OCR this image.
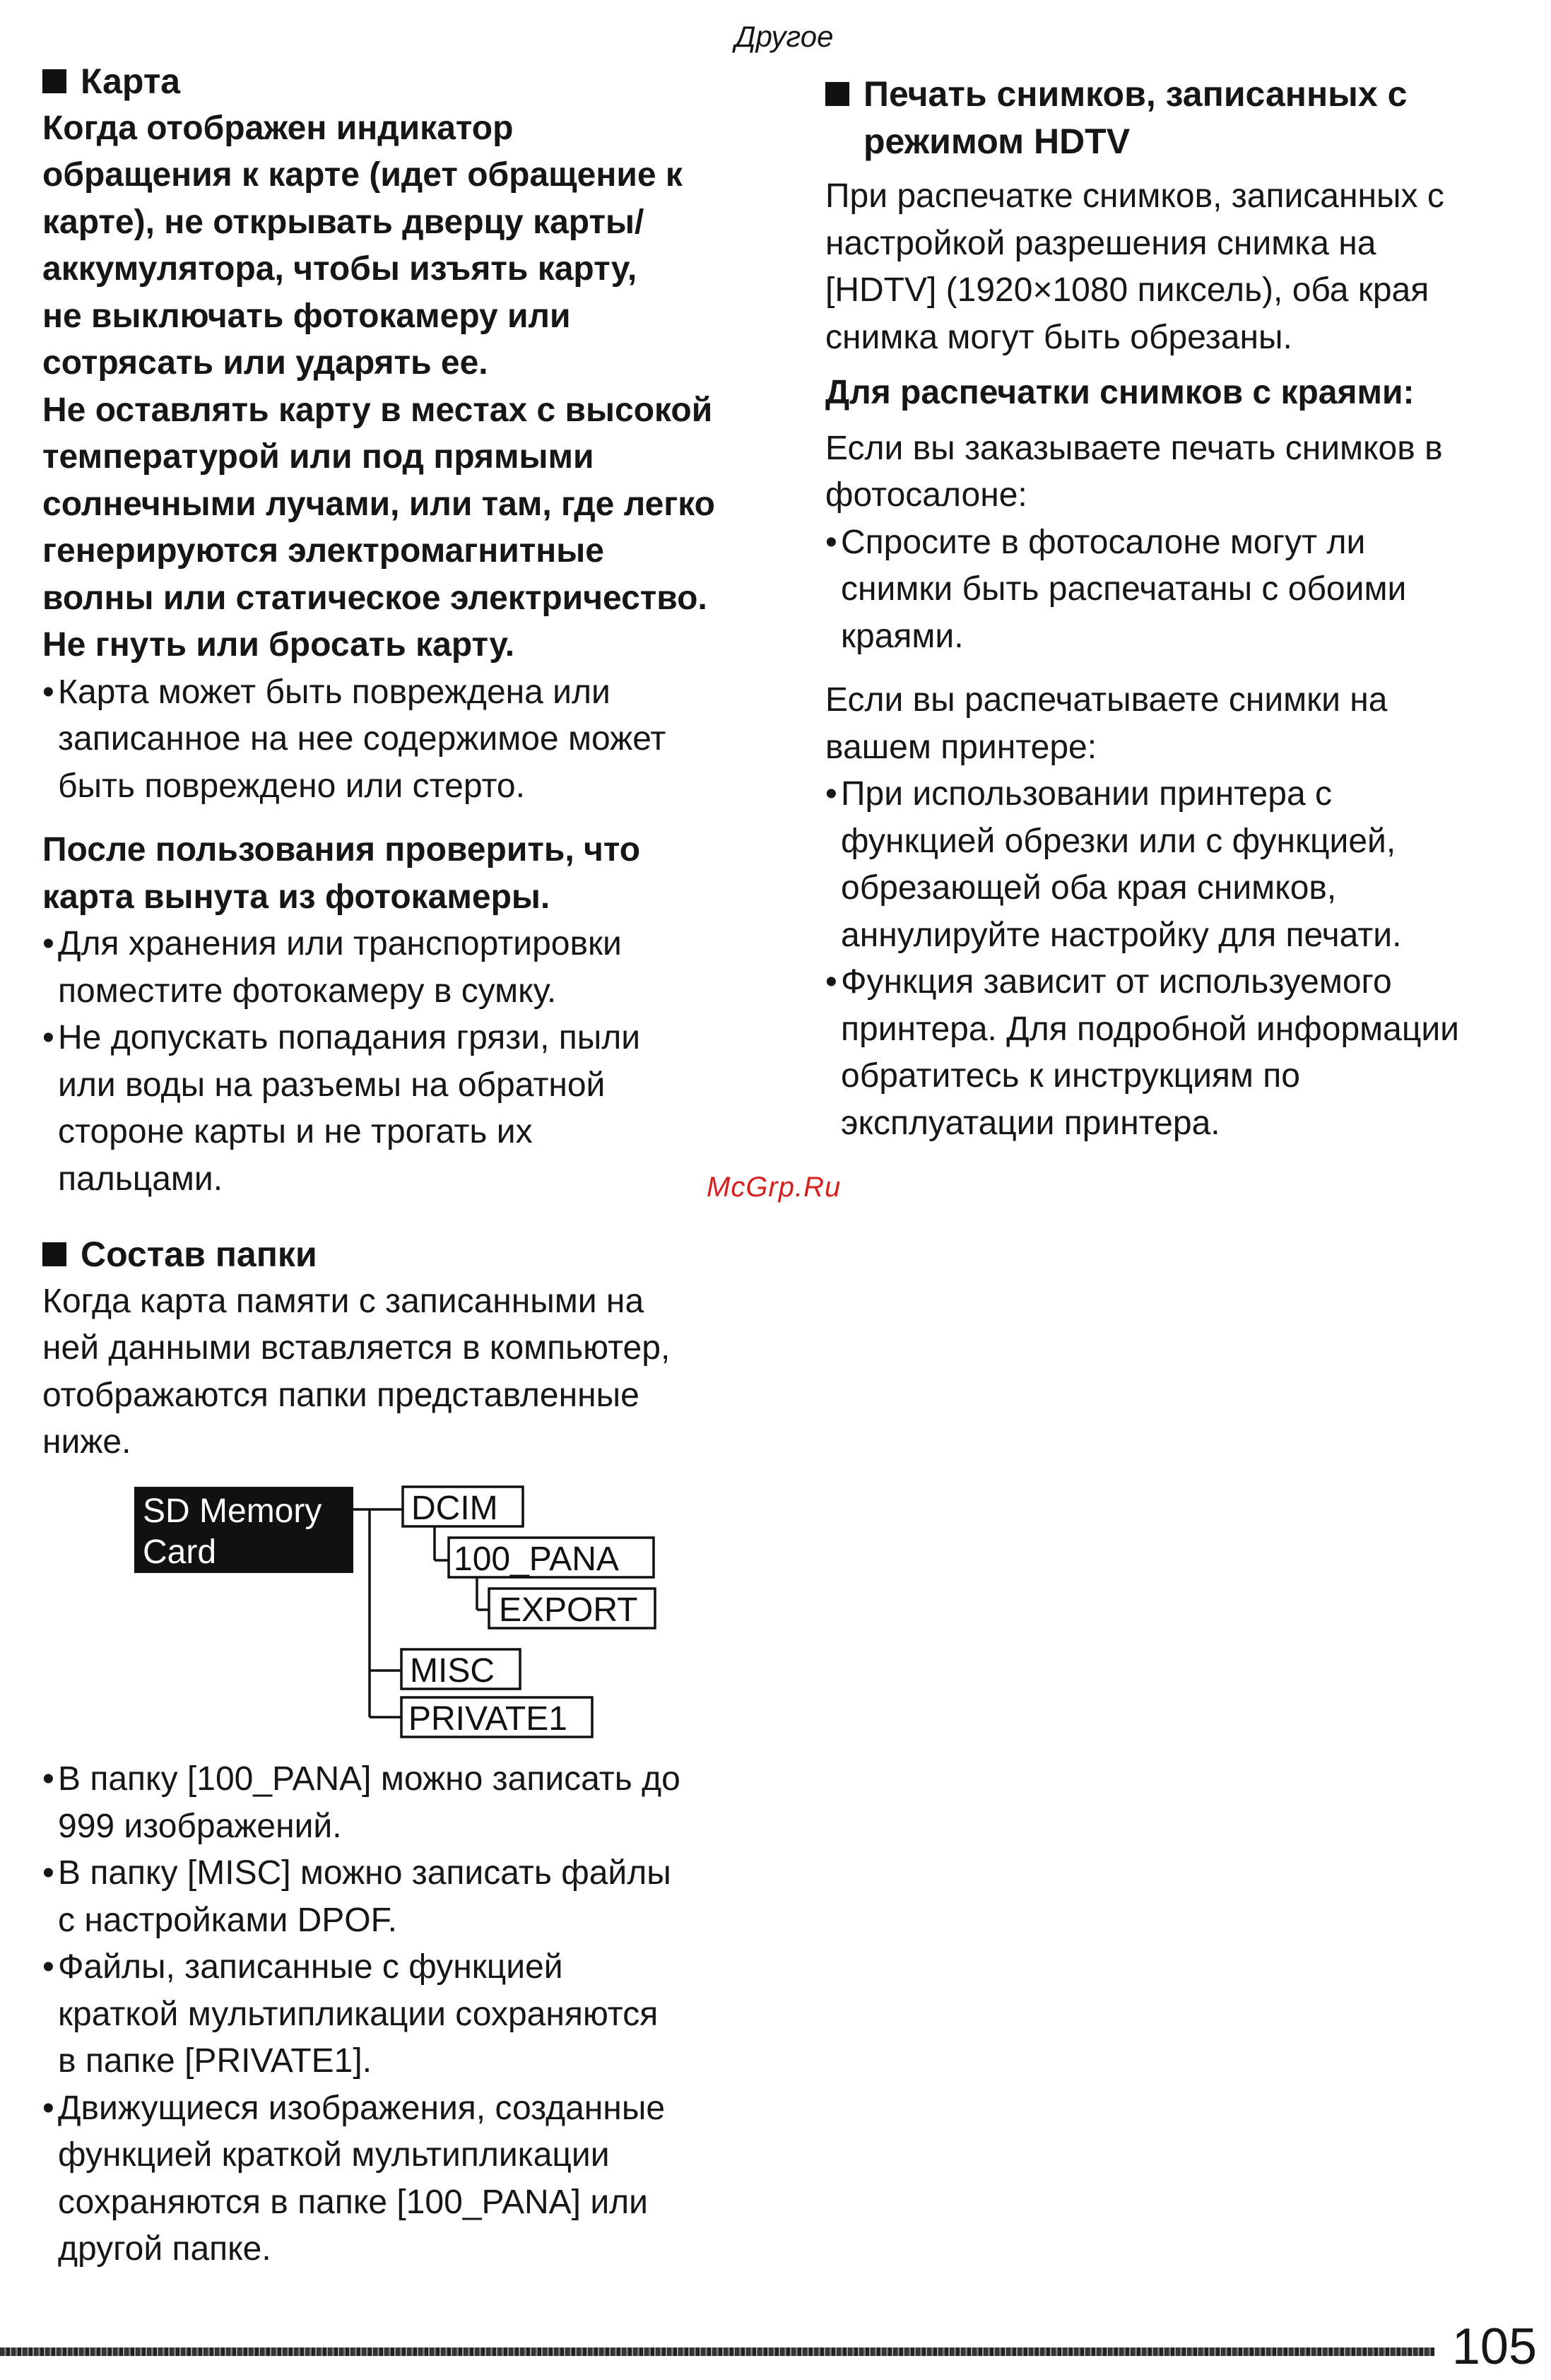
Другое
Карта
Когда отображен индикатор
обращения к карте (идет обращение к
карте), не открывать дверцу карты/
аккумулятора, чтобы изъять карту,
не выключать фотокамеру или
сотрясать или ударять ее.
Не оставлять карту в местах с высокой
температурой или под прямыми
солнечными лучами, или там, где легко
генерируются электромагнитные
волны или статическое электричество.
Не гнуть или бросать карту.
• Карта может быть повреждена или
записанное на нее содержимое может
быть повреждено или стерто.
После пользования проверить, что
карта вынута из фотокамеры.
• Для хранения или транспортировки
поместите фотокамеру в сумку.
• Не допускать попадания грязи, пыли
или воды на разъемы на обратной
стороне карты и не трогать их
пальцами.
Состав папки
Когда карта памяти с записанными на
ней данными вставляется в компьютер,
отображаются папки представленные
ниже.
SD Memory
Card
DCIM
100_PANA
EXPORT
MISC
PRIVATE1
• В папку [100_PANA] можно записать до
999 изображений.
• В папку [MISC] можно записать файлы
с настройками DPOF.
• Файлы, записанные с функцией
краткой мультипликации сохраняются
в папке [PRIVATE1].
• Движущиеся изображения, созданные
функцией краткой мультипликации
сохраняются в папке [100_PANA] или
другой папке.
Печать снимков, записанных с
режимом HDTV
При распечатке снимков, записанных с
настройкой разрешения снимка на
[HDTV] (1920×1080 пиксель), оба края
снимка могут быть обрезаны.
Для распечатки снимков с краями:
Если вы заказываете печать снимков в
фотосалоне:
• Спросите в фотосалоне могут ли
снимки быть распечатаны с обоими
краями.
Если вы распечатываете снимки на
вашем принтере:
• При использовании принтера с
функцией обрезки или с функцией,
обрезающей оба края снимков,
аннулируйте настройку для печати.
• Функция зависит от используемого
принтера. Для подробной информации
обратитесь к инструкциям по
эксплуатации принтера.
McGrp.Ru
105
